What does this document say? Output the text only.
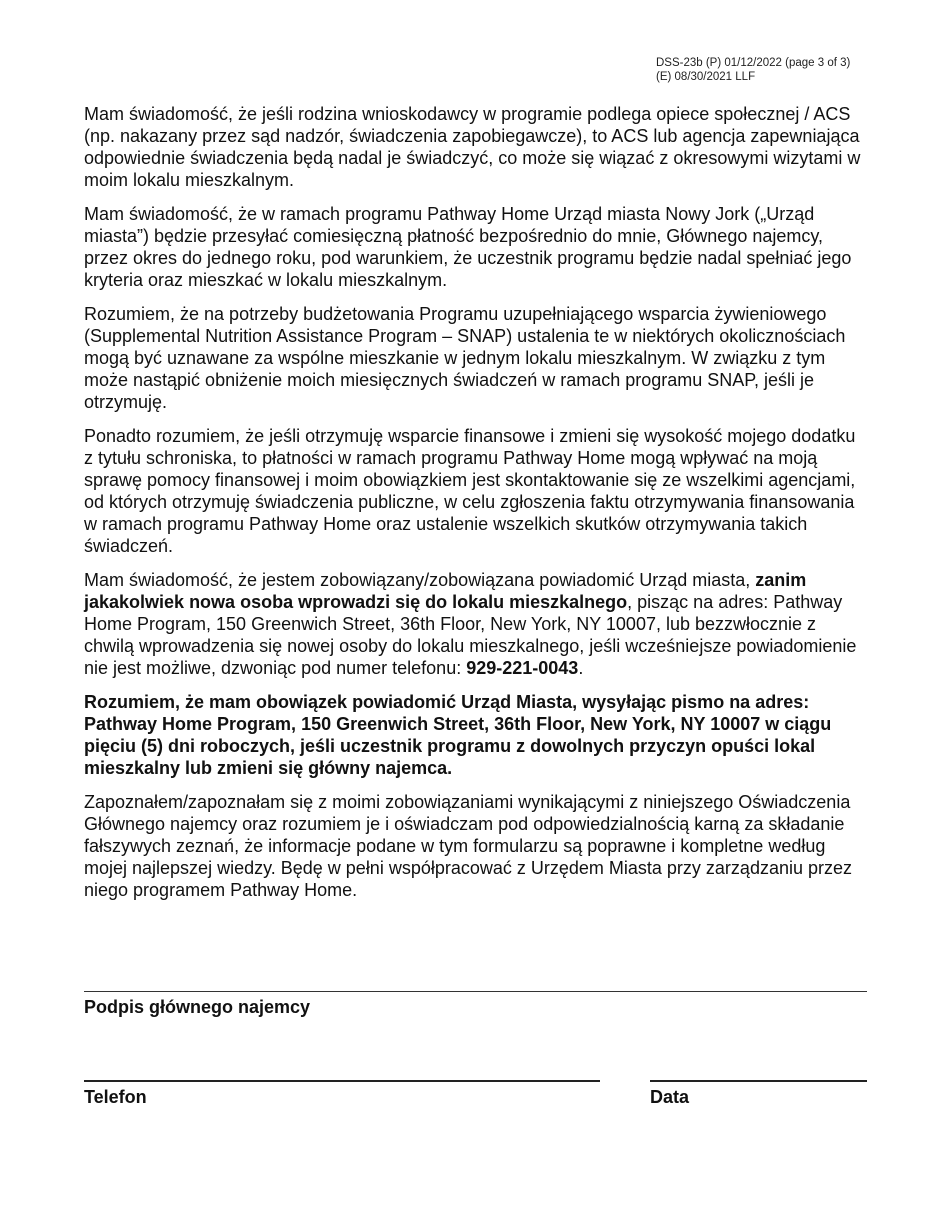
DSS-23b (P) 01/12/2022 (page 3 of 3)
(E) 08/30/2021 LLF

Mam świadomość, że jeśli rodzina wnioskodawcy w programie podlega opiece społecznej / ACS (np. nakazany przez sąd nadzór, świadczenia zapobiegawcze), to ACS lub agencja zapewniająca odpowiednie świadczenia będą nadal je świadczyć, co może się wiązać z okresowymi wizytami w moim lokalu mieszkalnym.

Mam świadomość, że w ramach programu Pathway Home Urząd miasta Nowy Jork („Urząd miasta”) będzie przesyłać comiesięczną płatność bezpośrednio do mnie, Głównego najemcy, przez okres do jednego roku, pod warunkiem, że uczestnik programu będzie nadal spełniać jego kryteria oraz mieszkać w lokalu mieszkalnym.

Rozumiem, że na potrzeby budżetowania Programu uzupełniającego wsparcia żywieniowego (Supplemental Nutrition Assistance Program – SNAP) ustalenia te w niektórych okolicznościach mogą być uznawane za wspólne mieszkanie w jednym lokalu mieszkalnym. W związku z tym może nastąpić obniżenie moich miesięcznych świadczeń w ramach programu SNAP, jeśli je otrzymuję.

Ponadto rozumiem, że jeśli otrzymuję wsparcie finansowe i zmieni się wysokość mojego dodatku z tytułu schroniska, to płatności w ramach programu Pathway Home mogą wpływać na moją sprawę pomocy finansowej i moim obowiązkiem jest skontaktowanie się ze wszelkimi agencjami, od których otrzymuję świadczenia publiczne, w celu zgłoszenia faktu otrzymywania finansowania w ramach programu Pathway Home oraz ustalenie wszelkich skutków otrzymywania takich świadczeń.

Mam świadomość, że jestem zobowiązany/zobowiązana powiadomić Urząd miasta, zanim jakakolwiek nowa osoba wprowadzi się do lokalu mieszkalnego, pisząc na adres: Pathway Home Program, 150 Greenwich Street, 36th Floor, New York, NY 10007, lub bezzwłocznie z chwilą wprowadzenia się nowej osoby do lokalu mieszkalnego, jeśli wcześniejsze powiadomienie nie jest możliwe, dzwoniąc pod numer telefonu: 929-221-0043.

Rozumiem, że mam obowiązek powiadomić Urząd Miasta, wysyłając pismo na adres: Pathway Home Program, 150 Greenwich Street, 36th Floor, New York, NY 10007 w ciągu pięciu (5) dni roboczych, jeśli uczestnik programu z dowolnych przyczyn opuści lokal mieszkalny lub zmieni się główny najemca.

Zapoznałem/zapoznałam się z moimi zobowiązaniami wynikającymi z niniejszego Oświadczenia Głównego najemcy oraz rozumiem je i oświadczam pod odpowiedzialnością karną za składanie fałszywych zeznań, że informacje podane w tym formularzu są poprawne i kompletne według mojej najlepszej wiedzy. Będę w pełni współpracować z Urzędem Miasta przy zarządzaniu przez niego programem Pathway Home.

Podpis głównego najemcy
Telefon	Data
